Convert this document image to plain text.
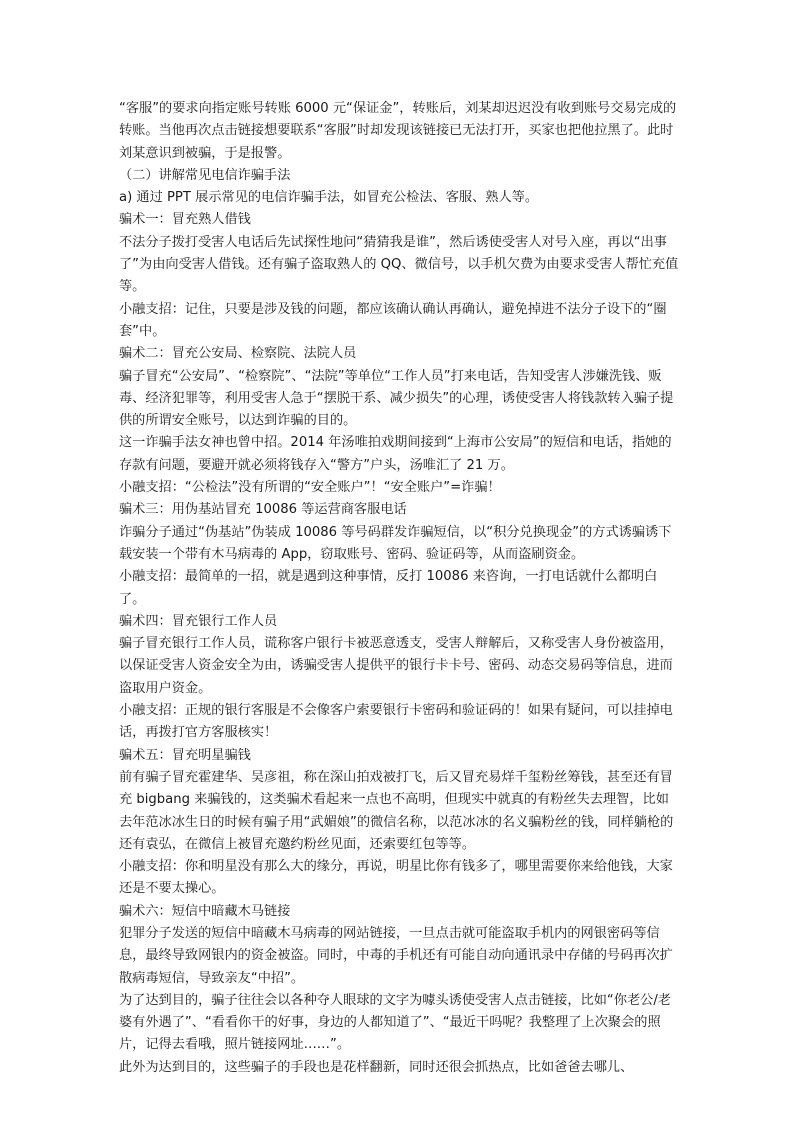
“客服”的要求向指定账号转账 6000 元“保证金”，转账后，刘某却迟迟没有收到账号交易完成的转账。当他再次点击链接想要联系“客服”时却发现该链接已无法打开，买家也把他拉黑了。此时刘某意识到被骗，于是报警。

（二）讲解常见电信诈骗手法

a) 通过 PPT 展示常见的电信诈骗手法，如冒充公检法、客服、熟人等。

骗术一：冒充熟人借钱

不法分子拨打受害人电话后先试探性地问“猜猜我是谁”，然后诱使受害人对号入座，再以“出事了”为由向受害人借钱。还有骗子盗取熟人的 QQ、微信号，以手机欠费为由要求受害人帮忙充值等。

小融支招：记住，只要是涉及钱的问题，都应该确认确认再确认，避免掉进不法分子设下的“圈套”中。

骗术二：冒充公安局、检察院、法院人员

骗子冒充“公安局”、“检察院”、“法院”等单位“工作人员”打来电话，告知受害人涉嫌洗钱、贩毒、经济犯罪等，利用受害人急于“摆脱干系、减少损失”的心理，诱使受害人将钱款转入骗子提供的所谓安全账号，以达到诈骗的目的。

这一诈骗手法女神也曾中招。2014 年汤唯拍戏期间接到“上海市公安局”的短信和电话，指她的存款有问题，要避开就必须将钱存入“警方”户头，汤唯汇了 21 万。

小融支招：“公检法”没有所谓的“安全账户”！“安全账户”=诈骗！

骗术三：用伪基站冒充 10086 等运营商客服电话

诈骗分子通过“伪基站”伪装成 10086 等号码群发诈骗短信，以“积分兑换现金”的方式诱骗诱下载安装一个带有木马病毒的 App，窃取账号、密码、验证码等，从而盗刷资金。

小融支招：最简单的一招，就是遇到这种事情，反打 10086 来咨询，一打电话就什么都明白了。

骗术四：冒充银行工作人员

骗子冒充银行工作人员，谎称客户银行卡被恶意透支，受害人辩解后，又称受害人身份被盗用，以保证受害人资金安全为由，诱骗受害人提供平的银行卡卡号、密码、动态交易码等信息，进而盗取用户资金。

小融支招：正规的银行客服是不会像客户索要银行卡密码和验证码的！如果有疑问，可以挂掉电话，再拨打官方客服核实！

骗术五：冒充明星骗钱

前有骗子冒充霍建华、吴彦祖，称在深山拍戏被打飞，后又冒充易烊千玺粉丝筹钱，甚至还有冒充 bigbang 来骗钱的，这类骗术看起来一点也不高明，但现实中就真的有粉丝失去理智，比如去年范冰冰生日的时候有骗子用“武媚娘”的微信名称，以范冰冰的名义骗粉丝的钱，同样躺枪的还有袁弘，在微信上被冒充邀约粉丝见面，还索要红包等等。

小融支招：你和明星没有那么大的缘分，再说，明星比你有钱多了，哪里需要你来给他钱，大家还是不要太操心。

骗术六：短信中暗藏木马链接

犯罪分子发送的短信中暗藏木马病毒的网站链接，一旦点击就可能盗取手机内的网银密码等信息，最终导致网银内的资金被盗。同时，中毒的手机还有可能自动向通讯录中存储的号码再次扩散病毒短信，导致亲友“中招”。

为了达到目的，骗子往往会以各种夺人眼球的文字为噱头诱使受害人点击链接，比如“你老公/老婆有外遇了”、“看看你干的好事，身边的人都知道了”、“最近干吗呢？我整理了上次聚会的照片，记得去看哦，照片链接网址……”。

此外为达到目的，这些骗子的手段也是花样翻新，同时还很会抓热点，比如爸爸去哪儿、
